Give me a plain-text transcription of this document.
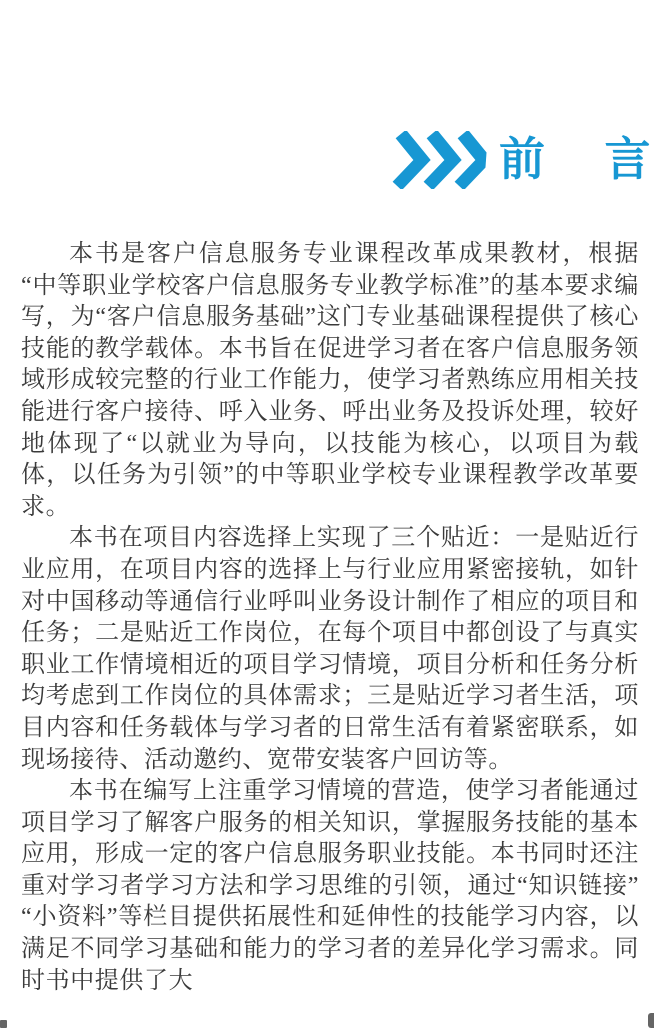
前 言

本书是客户信息服务专业课程改革成果教材，根据“中等职业学校客户信息服务专业教学标准”的基本要求编写，为“客户信息服务基础”这门专业基础课程提供了核心技能的教学载体。本书旨在促进学习者在客户信息服务领域形成较完整的行业工作能力，使学习者熟练应用相关技能进行客户接待、呼入业务、呼出业务及投诉处理，较好地体现了“以就业为导向，以技能为核心，以项目为载体，以任务为引领”的中等职业学校专业课程教学改革要求。

本书在项目内容选择上实现了三个贴近：一是贴近行业应用，在项目内容的选择上与行业应用紧密接轨，如针对中国移动等通信行业呼叫业务设计制作了相应的项目和任务；二是贴近工作岗位，在每个项目中都创设了与真实职业工作情境相近的项目学习情境，项目分析和任务分析均考虑到工作岗位的具体需求；三是贴近学习者生活，项目内容和任务载体与学习者的日常生活有着紧密联系，如现场接待、活动邀约、宽带安装客户回访等。

本书在编写上注重学习情境的营造，使学习者能通过项目学习了解客户服务的相关知识，掌握服务技能的基本应用，形成一定的客户信息服务职业技能。本书同时还注重对学习者学习方法和学习思维的引领，通过“知识链接”“小资料”等栏目提供拓展性和延伸性的技能学习内容，以满足不同学习基础和能力的学习者的差异化学习需求。同时书中提供了大
